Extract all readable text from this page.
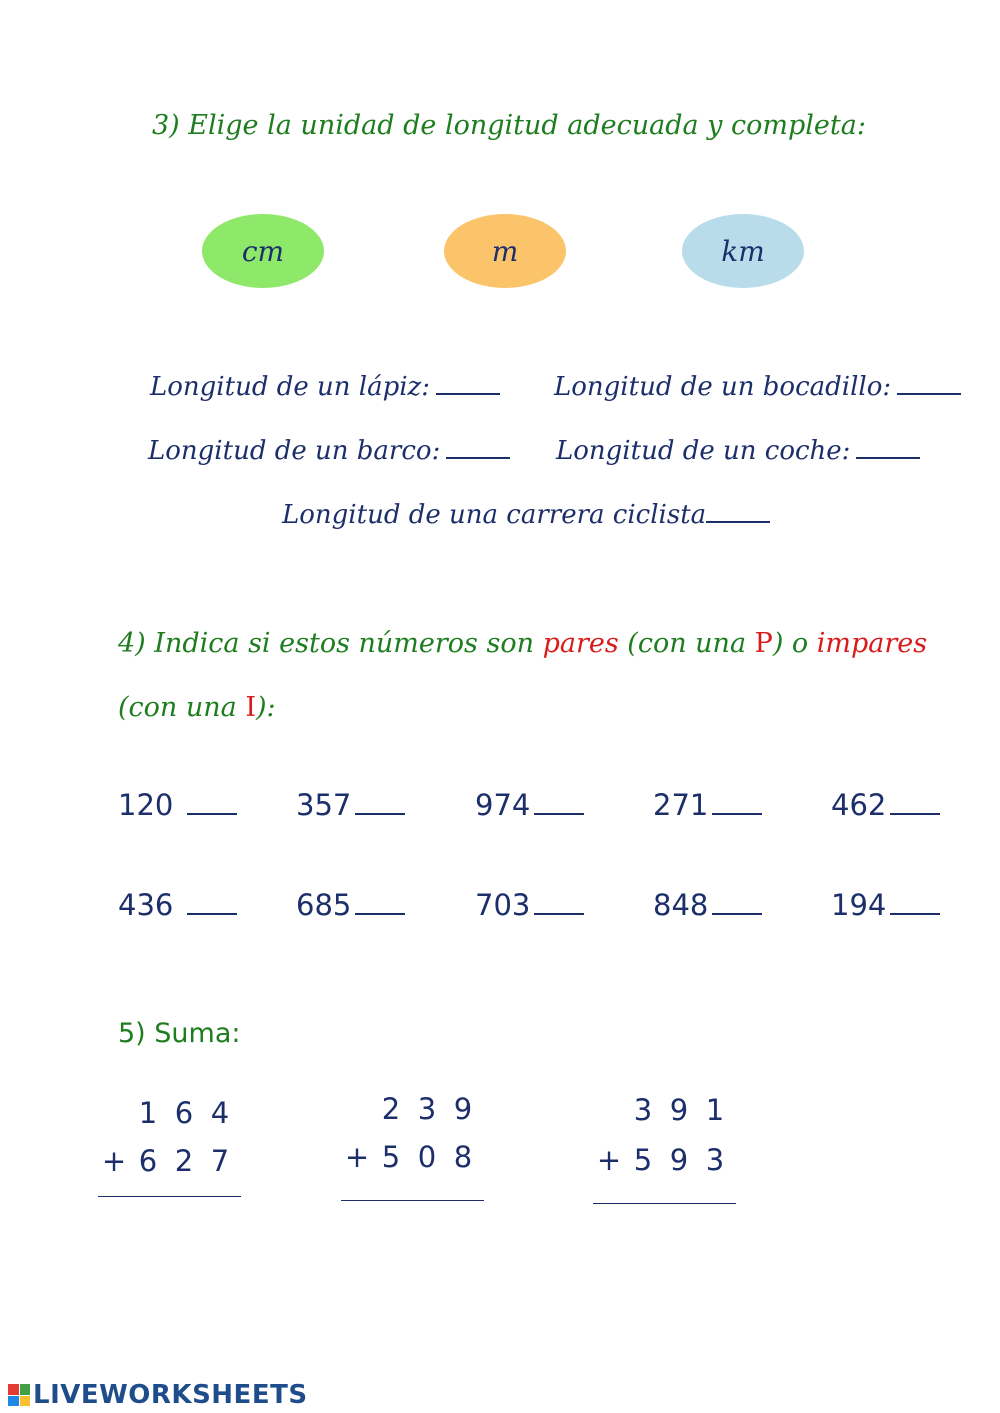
3) Elige la unidad de longitud adecuada y completa:
cm	m	km
Longitud de un lápiz:	Longitud de un bocadillo:
Longitud de un barco:	Longitud de un coche:
Longitud de una carrera ciclista
4) Indica si estos números son pares (con una P) o impares
(con una I):
120	357	974	271	462
436	685	703	848	194
5) Suma:
1 6 4
+ 6 2 7
2 3 9
+ 5 0 8
3 9 1
+ 5 9 3
LIVEWORKSHEETS
